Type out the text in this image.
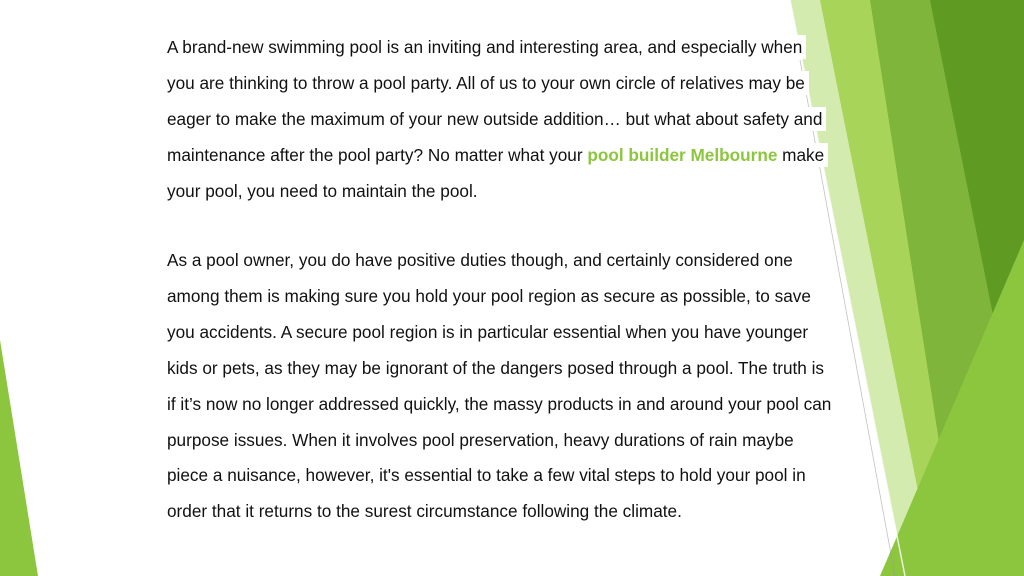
A brand-new swimming pool is an inviting and interesting area, and especially when
you are thinking to throw a pool party. All of us to your own circle of relatives may be
eager to make the maximum of your new outside addition… but what about safety and
maintenance after the pool party? No matter what your pool builder Melbourne make
your pool, you need to maintain the pool.
As a pool owner, you do have positive duties though, and certainly considered one
among them is making sure you hold your pool region as secure as possible, to save
you accidents. A secure pool region is in particular essential when you have younger
kids or pets, as they may be ignorant of the dangers posed through a pool. The truth is
if it’s now no longer addressed quickly, the massy products in and around your pool can
purpose issues. When it involves pool preservation, heavy durations of rain maybe
piece a nuisance, however, it's essential to take a few vital steps to hold your pool in
order that it returns to the surest circumstance following the climate.
